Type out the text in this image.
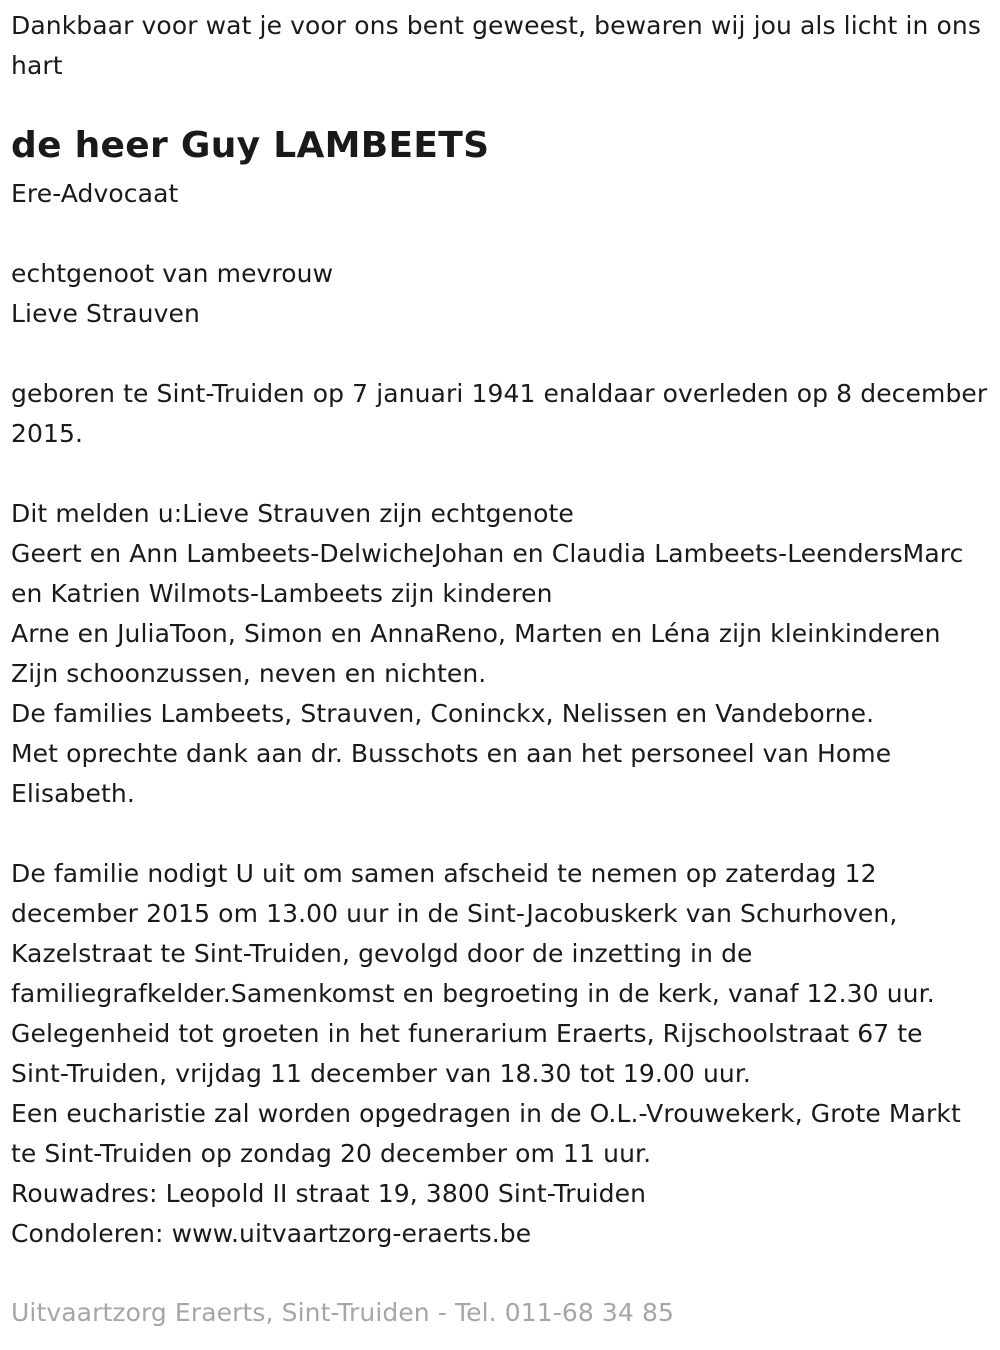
Dankbaar voor wat je voor ons bent geweest, bewaren wij jou als licht in ons hart

de heer Guy LAMBEETS

Ere-Advocaat

echtgenoot van mevrouw

Lieve Strauven

geboren te Sint-Truiden op 7 januari 1941 enaldaar overleden op 8 december 2015.

Dit melden u:Lieve Strauven zijn echtgenote

Geert en Ann Lambeets-DelwicheJohan en Claudia Lambeets-LeendersMarc en Katrien Wilmots-Lambeets zijn kinderen

Arne en JuliaToon, Simon en AnnaReno, Marten en Léna zijn kleinkinderen

Zijn schoonzussen, neven en nichten.

De families Lambeets, Strauven, Coninckx, Nelissen en Vandeborne.

Met oprechte dank aan dr. Busschots en aan het personeel van Home Elisabeth.

De familie nodigt U uit om samen afscheid te nemen op zaterdag 12 december 2015 om 13.00 uur in de Sint-Jacobuskerk van Schurhoven, Kazelstraat te Sint-Truiden, gevolgd door de inzetting in de familiegrafkelder.Samenkomst en begroeting in de kerk, vanaf 12.30 uur.

Gelegenheid tot groeten in het funerarium Eraerts, Rijschoolstraat 67 te Sint-Truiden, vrijdag 11 december van 18.30 tot 19.00 uur.

Een eucharistie zal worden opgedragen in de O.L.-Vrouwekerk, Grote Markt te Sint-Truiden op zondag 20 december om 11 uur.

Rouwadres: Leopold II straat 19, 3800 Sint-Truiden

Condoleren: www.uitvaartzorg-eraerts.be

Uitvaartzorg Eraerts, Sint-Truiden - Tel. 011-68 34 85
